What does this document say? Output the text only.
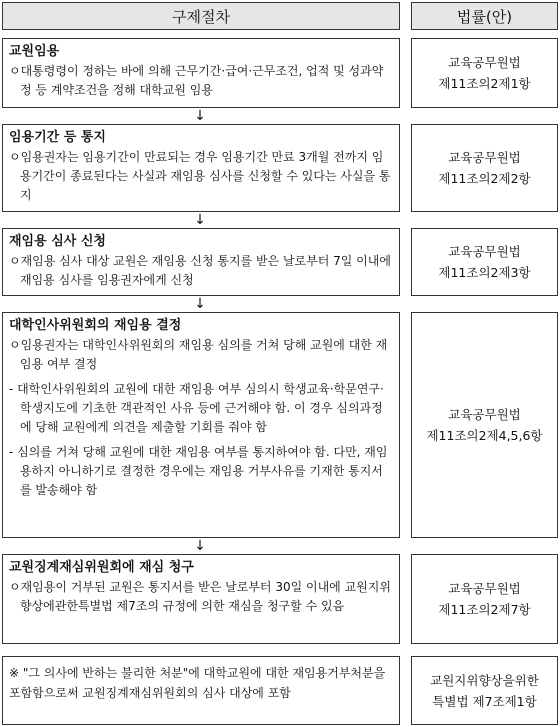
구제절차	법률(안)
교원임용
ㅇ대통령령이 정하는 바에 의해 근무기간·급여·근무조건, 업적 및 성과약정 등 계약조건을 정해 대학교원 임용
교육공무원법
제11조의2제1항
↓
임용기간 등 통지
ㅇ임용권자는 임용기간이 만료되는 경우 임용기간 만료 3개월 전까지 임용기간이 종료된다는 사실과 재임용 심사를 신청할 수 있다는 사실을 통지
교육공무원법
제11조의2제2항
↓
재임용 심사 신청
ㅇ재임용 심사 대상 교원은 재임용 신청 통지를 받은 날로부터 7일 이내에 재임용 심사를 임용권자에게 신청
교육공무원법
제11조의2제3항
↓
대학인사위원회의 재임용 결정
ㅇ임용권자는 대학인사위원회의 재임용 심의를 거쳐 당해 교원에 대한 재임용 여부 결정
- 대학인사위원회의 교원에 대한 재임용 여부 심의시 학생교육·학문연구·학생지도에 기초한 객관적인 사유 등에 근거해야 함. 이 경우 심의과정에 당해 교원에게 의견을 제출할 기회를 줘야 함
- 심의를 거쳐 당해 교원에 대한 재임용 여부를 통지하여야 함. 다만, 재임용하지 아니하기로 결정한 경우에는 재임용 거부사유를 기재한 통지서를 발송해야 함
교육공무원법
제11조의2제4,5,6항
↓
교원징계재심위원회에 재심 청구
ㅇ재임용이 거부된 교원은 통지서를 받은 날로부터 30일 이내에 교원지위향상에관한특별법 제7조의 규정에 의한 재심을 청구할 수 있음
교육공무원법
제11조의2제7항
※ "그 의사에 반하는 불리한 처분"에 대학교원에 대한 재임용거부처분을 포함함으로써 교원징계재심위원회의 심사 대상에 포함
교원지위향상을위한
특별법 제7조제1항
